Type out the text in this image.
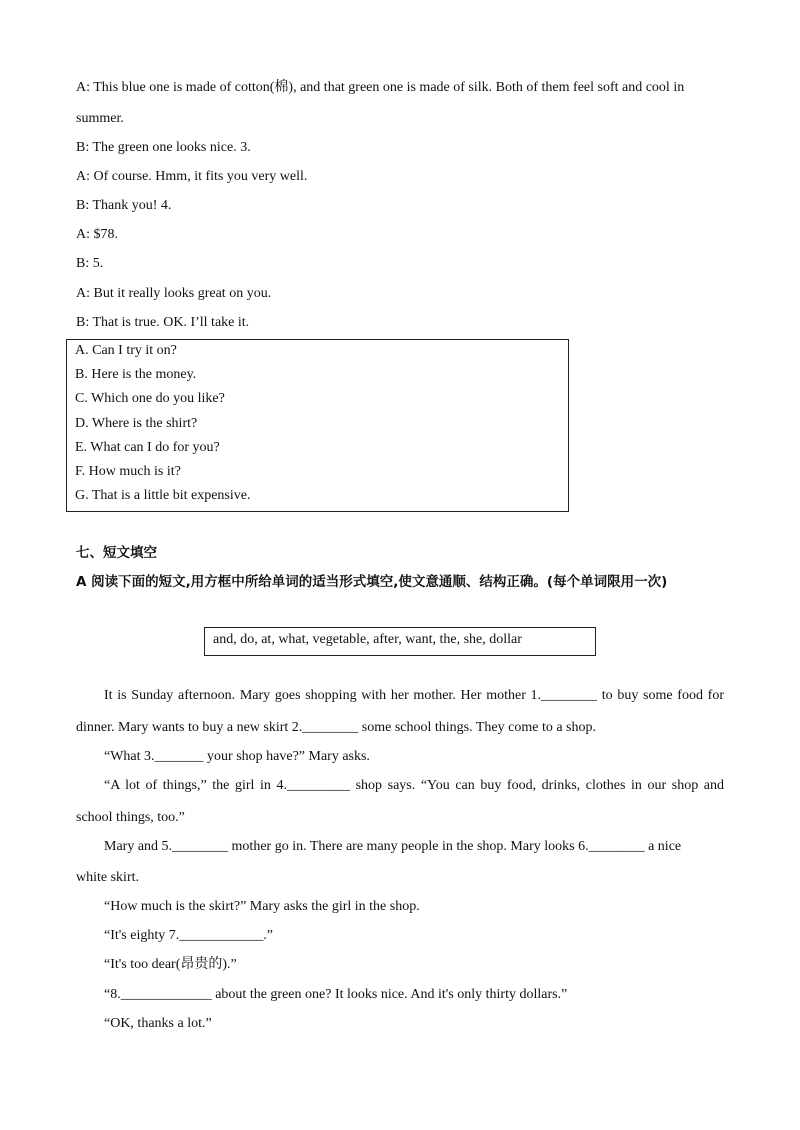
A: This blue one is made of cotton(棉), and that green one is made of silk. Both of them feel soft and cool in
summer.
B: The green one looks nice. 3.
A: Of course. Hmm, it fits you very well.
B: Thank you! 4.
A: $78.
B: 5.
A: But it really looks great on you.
B: That is true. OK. I’ll take it.
A. Can I try it on?
B. Here is the money.
C. Which one do you like?
D. Where is the shirt?
E. What can I do for you?
F. How much is it?
G. That is a little bit expensive.
七、短文填空
A 阅读下面的短文,用方框中所给单词的适当形式填空,使文意通顺、结构正确。(每个单词限用一次)
and, do, at, what, vegetable, after, want, the, she, dollar
It is Sunday afternoon. Mary goes shopping with her mother. Her mother 1.________ to buy some food for
dinner. Mary wants to buy a new skirt 2.________ some school things. They come to a shop.
“What 3._______ your shop have?” Mary asks.
“A lot of things,” the girl in 4._________ shop says. “You can buy food, drinks, clothes in our shop and
school things, too.”
Mary and 5.________ mother go in. There are many people in the shop. Mary looks 6.________ a nice
white skirt.
“How much is the skirt?” Mary asks the girl in the shop.
“It's eighty 7.____________.”
“It's too dear(昂贵的).”
“8._____________ about the green one? It looks nice. And it's only thirty dollars.”
“OK, thanks a lot.”
